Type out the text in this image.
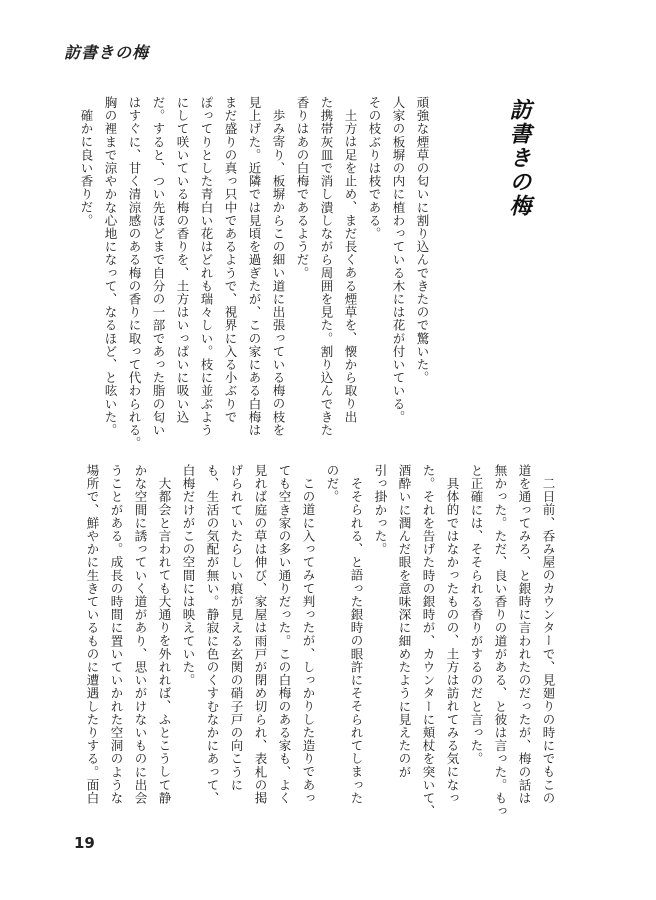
訪書きの梅
訪書きの梅

頑強な煙草の匂いに割り込んできたので驚いた。

人家の板塀の内に植わっている木には花が付いている。

その枝ぶりは枝である。

土方は足を止め、まだ長くある煙草を、懐から取り出

た携帯灰皿で消し潰しながら周囲を見た。割り込んできた

香りはあの白梅であるようだ。

歩み寄り、板塀からこの細い道に出張っている梅の枝を

見上げた。近隣では見頃を過ぎたが、この家にある白梅は

まだ盛りの真っ只中であるようで、視界に入る小ぶりで

ぽってりとした青白い花はどれも瑞々しい。枝に並ぶよう

にして咲いている梅の香りを、土方はいっぱいに吸い込

だ。すると、つい先ほどまで自分の一部であった脂の匂い

はすぐに、甘く清涼感のある梅の香りに取って代わられる。

胸の裡まで涼やかな心地になって、なるほど、と呟いた。

確かに良い香りだ。

二日前、呑み屋のカウンターで、見廻りの時にでもこの

道を通ってみろ、と銀時に言われたのだったが、梅の話は

無かった。ただ、良い香りの道がある、と彼は言った。もっ

と正確には、そそられる香りがするのだと言った。

具体的ではなかったものの、土方は訪れてみる気になっ

た。それを告げた時の銀時が、カウンターに頬杖を突いて、

酒酔いに潤んだ眼を意味深に細めたように見えたのが

引っ掛かった。

そそられる、と語った銀時の眼許にそそられてしまった

のだ。

この道に入ってみて判ったが、しっかりした造りであっ

ても空き家の多い通りだった。この白梅のある家も、よく

見れば庭の草は伸び、家屋は雨戸が閉め切られ、表札の掲

げられていたらしい痕が見える玄関の硝子戸の向こうに

も、生活の気配が無い。静寂に色のくすむなかにあって、

白梅だけがこの空間には映えていた。

大都会と言われても大通りを外れれば、ふとこうして静

かな空間に誘っていく道があり、思いがけないものに出会

うことがある。成長の時間に置いていかれた空洞のような

場所で、鮮やかに生きているものに遭遇したりする。面白

19
